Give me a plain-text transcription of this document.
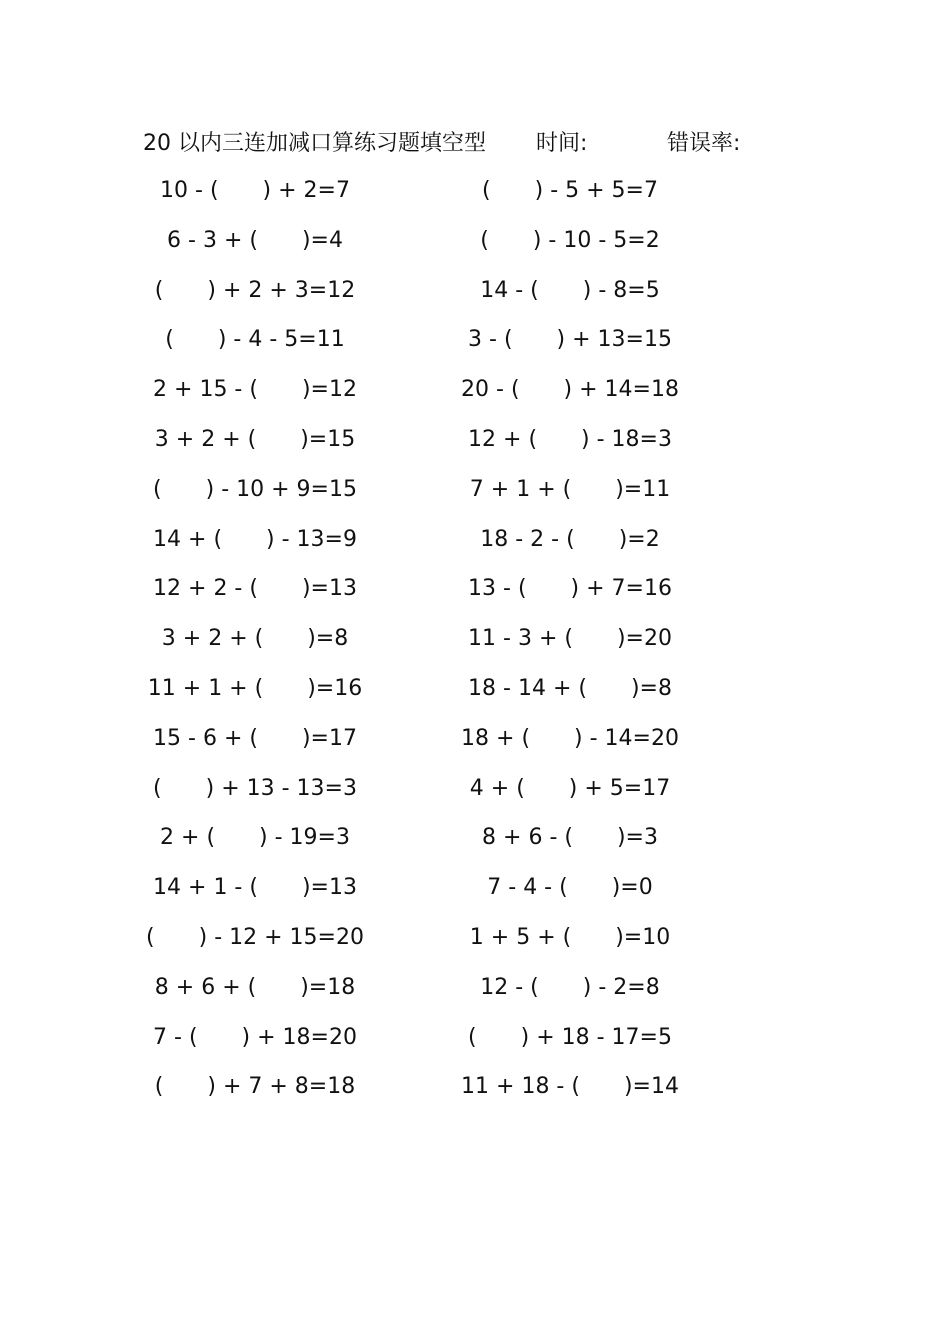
20 以内三连加减口算练习题填空型 时间:	错误率:
10 - (　　) + 2=7	(　　) - 5 + 5=7
6 - 3 + (　　)=4	(　　) - 10 - 5=2
(　　) + 2 + 3=12	14 - (　　) - 8=5
(　　) - 4 - 5=11	3 - (　　) + 13=15
2 + 15 - (　　)=12	20 - (　　) + 14=18
3 + 2 + (　　)=15	12 + (　　) - 18=3
(　　) - 10 + 9=15	7 + 1 + (　　)=11
14 + (　　) - 13=9	18 - 2 - (　　)=2
12 + 2 - (　　)=13	13 - (　　) + 7=16
3 + 2 + (　　)=8	11 - 3 + (　　)=20
11 + 1 + (　　)=16	18 - 14 + (　　)=8
15 - 6 + (　　)=17	18 + (　　) - 14=20
(　　) + 13 - 13=3	4 + (　　) + 5=17
2 + (　　) - 19=3	8 + 6 - (　　)=3
14 + 1 - (　　)=13	7 - 4 - (　　)=0
(　　) - 12 + 15=20	1 + 5 + (　　)=10
8 + 6 + (　　)=18	12 - (　　) - 2=8
7 - (　　) + 18=20	(　　) + 18 - 17=5
(　　) + 7 + 8=18	11 + 18 - (　　)=14
